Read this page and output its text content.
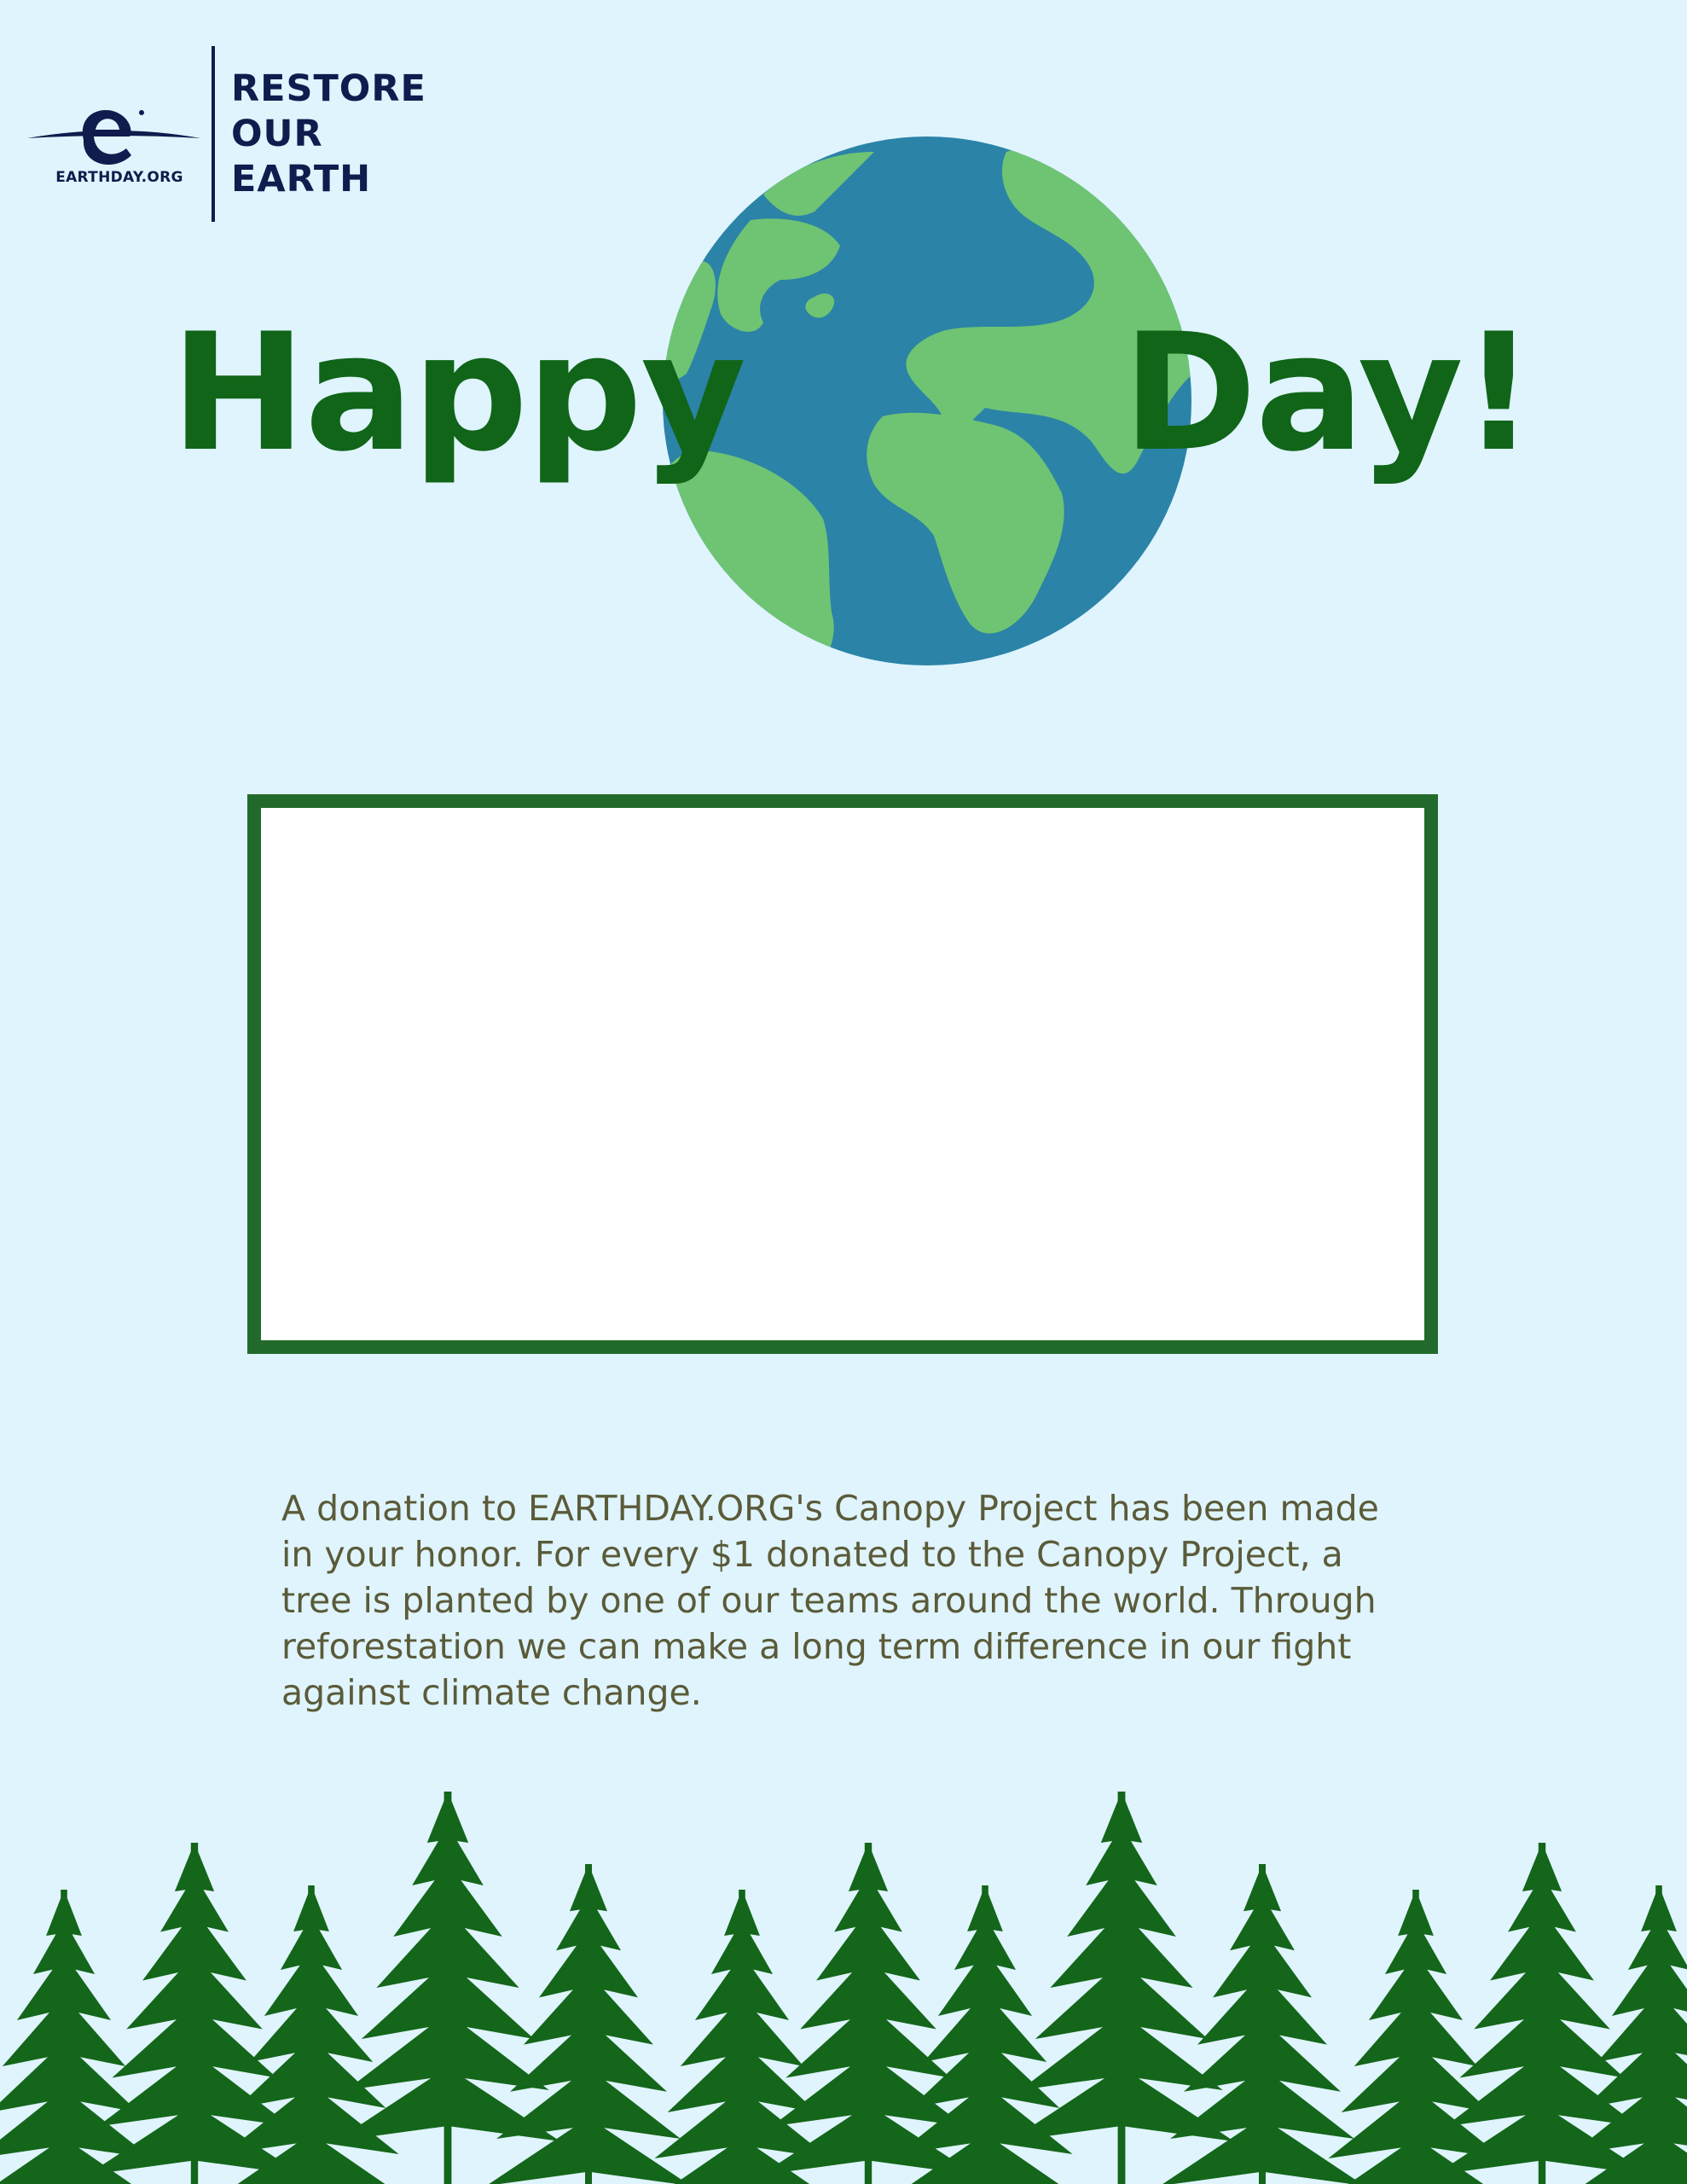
EARTHDAY.ORG
RESTORE
OUR
EARTH
Happy Day!
A donation to EARTHDAY.ORG's Canopy Project has been made in your honor. For every $1 donated to the Canopy Project, a tree is planted by one of our teams around the world. Through reforestation we can make a long term difference in our fight against climate change.
